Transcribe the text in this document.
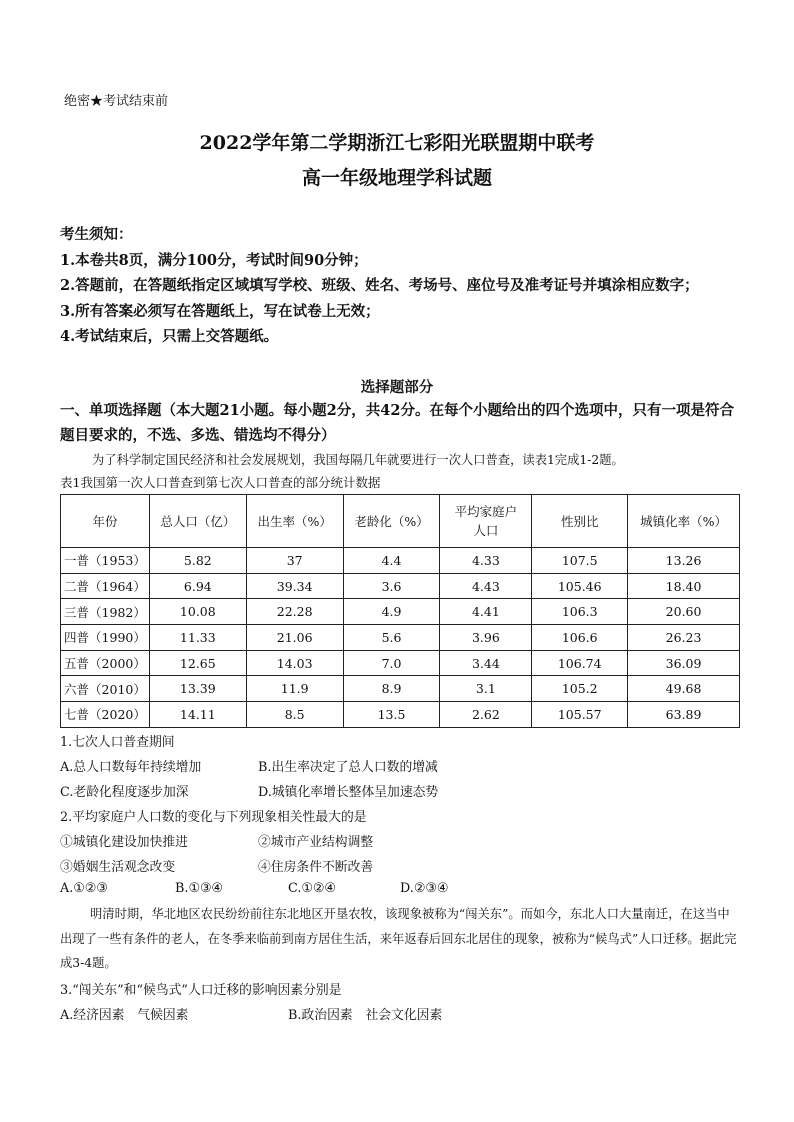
绝密★考试结束前
2022学年第二学期浙江七彩阳光联盟期中联考
高一年级地理学科试题
考生须知：
1.本卷共8页，满分100分，考试时间90分钟；
2.答题前，在答题纸指定区域填写学校、班级、姓名、考场号、座位号及准考证号并填涂相应数字；
3.所有答案必须写在答题纸上，写在试卷上无效；
4.考试结束后，只需上交答题纸。
选择题部分
一、单项选择题（本大题21小题。每小题2分，共42分。在每个小题给出的四个选项中，只有一项是符合题目要求的，不选、多选、错选均不得分）
为了科学制定国民经济和社会发展规划，我国每隔几年就要进行一次人口普查，读表1完成1-2题。
表1我国第一次人口普查到第七次人口普查的部分统计数据
年份	总人口（亿）	出生率（%）	老龄化（%）	平均家庭户人口	性别比	城镇化率（%）
一普（1953）	5.82	37	4.4	4.33	107.5	13.26
二普（1964）	6.94	39.34	3.6	4.43	105.46	18.40
三普（1982）	10.08	22.28	4.9	4.41	106.3	20.60
四普（1990）	11.33	21.06	5.6	3.96	106.6	26.23
五普（2000）	12.65	14.03	7.0	3.44	106.74	36.09
六普（2010）	13.39	11.9	8.9	3.1	105.2	49.68
七普（2020）	14.11	8.5	13.5	2.62	105.57	63.89
1.七次人口普查期间
A.总人口数每年持续增加	B.出生率决定了总人口数的增减
C.老龄化程度逐步加深	D.城镇化率增长整体呈加速态势
2.平均家庭户人口数的变化与下列现象相关性最大的是
①城镇化建设加快推进	②城市产业结构调整
③婚姻生活观念改变	④住房条件不断改善
A.①②③	B.①③④	C.①②④	D.②③④
明清时期，华北地区农民纷纷前往东北地区开垦农牧，该现象被称为“闯关东”。而如今，东北人口大量南迁，在这当中出现了一些有条件的老人，在冬季来临前到南方居住生活，来年返春后回东北居住的现象，被称为“候鸟式”人口迁移。据此完成3-4题。
3.“闯关东”和“候鸟式”人口迁移的影响因素分别是
A.经济因素　气候因素	B.政治因素　社会文化因素
